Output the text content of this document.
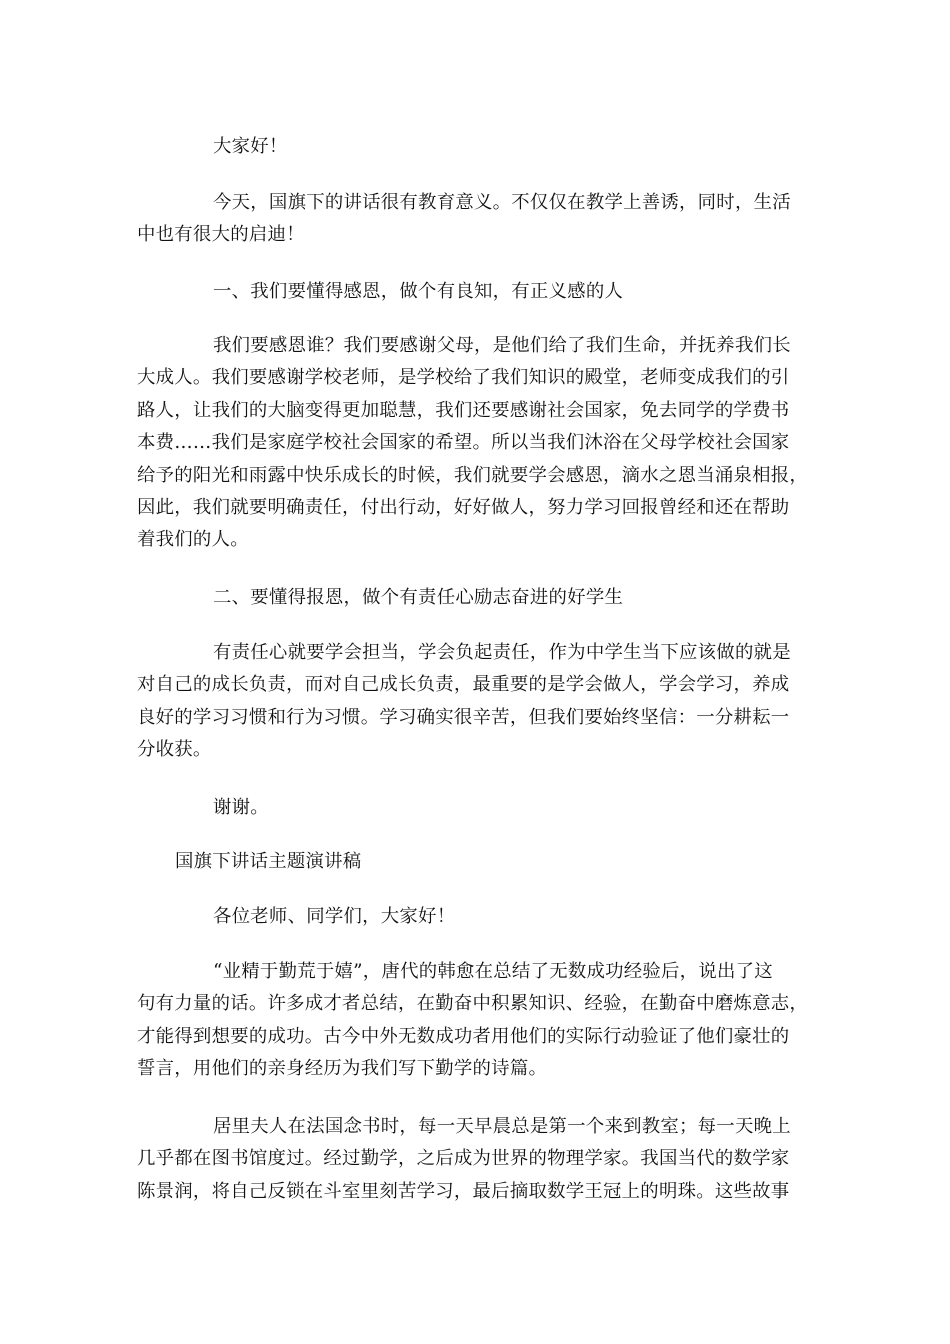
大家好！
今天，国旗下的讲话很有教育意义。不仅仅在教学上善诱，同时，生活
中也有很大的启迪！
一、我们要懂得感恩，做个有良知，有正义感的人
我们要感恩谁？我们要感谢父母，是他们给了我们生命，并抚养我们长
大成人。我们要感谢学校老师，是学校给了我们知识的殿堂，老师变成我们的引
路人，让我们的大脑变得更加聪慧，我们还要感谢社会国家，免去同学的学费书
本费……我们是家庭学校社会国家的希望。所以当我们沐浴在父母学校社会国家
给予的阳光和雨露中快乐成长的时候，我们就要学会感恩，滴水之恩当涌泉相报，
因此，我们就要明确责任，付出行动，好好做人，努力学习回报曾经和还在帮助
着我们的人。
二、要懂得报恩，做个有责任心励志奋进的好学生
有责任心就要学会担当，学会负起责任，作为中学生当下应该做的就是
对自己的成长负责，而对自己成长负责，最重要的是学会做人，学会学习，养成
良好的学习习惯和行为习惯。学习确实很辛苦，但我们要始终坚信：一分耕耘一
分收获。
谢谢。
国旗下讲话主题演讲稿
各位老师、同学们，大家好！
“业精于勤荒于嬉”，唐代的韩愈在总结了无数成功经验后，说出了这
句有力量的话。许多成才者总结，在勤奋中积累知识、经验，在勤奋中磨炼意志，
才能得到想要的成功。古今中外无数成功者用他们的实际行动验证了他们豪壮的
誓言，用他们的亲身经历为我们写下勤学的诗篇。
居里夫人在法国念书时，每一天早晨总是第一个来到教室；每一天晚上
几乎都在图书馆度过。经过勤学，之后成为世界的物理学家。我国当代的数学家
陈景润，将自己反锁在斗室里刻苦学习，最后摘取数学王冠上的明珠。这些故事
